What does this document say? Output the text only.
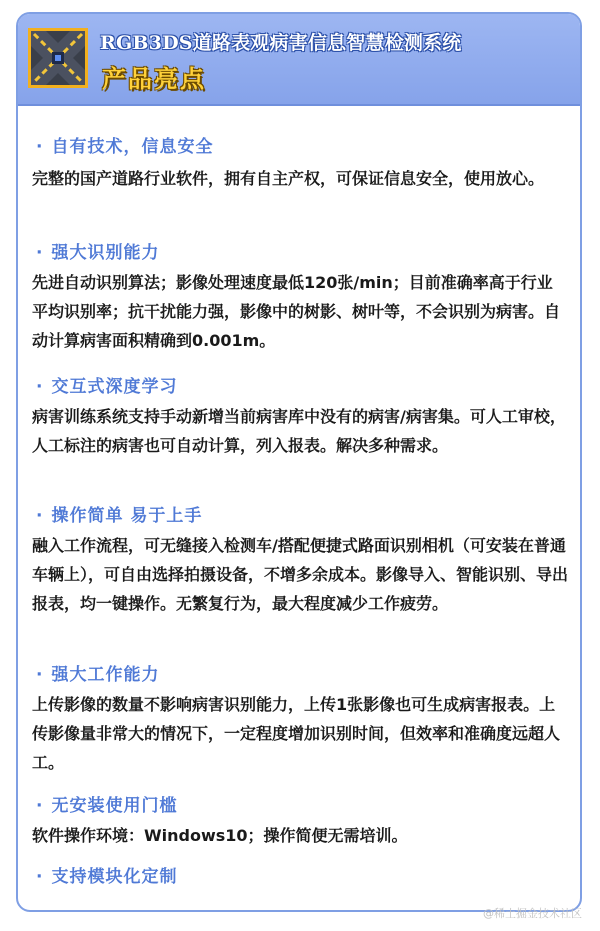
RGB3DS道路表观病害信息智慧检测系统
产品亮点
· 自有技术，信息安全
完整的国产道路行业软件，拥有自主产权，可保证信息安全，使用放心。
· 强大识别能力
先进自动识别算法；影像处理速度最低120张/min；目前准确率高于行业平均识别率；抗干扰能力强，影像中的树影、树叶等，不会识别为病害。自动计算病害面积精确到0.001m。
· 交互式深度学习
病害训练系统支持手动新增当前病害库中没有的病害/病害集。可人工审校，人工标注的病害也可自动计算，列入报表。解决多种需求。
· 操作简单 易于上手
融入工作流程，可无缝接入检测车/搭配便捷式路面识别相机（可安装在普通车辆上），可自由选择拍摄设备，不增多余成本。影像导入、智能识别、导出报表，均一键操作。无繁复行为，最大程度减少工作疲劳。
· 强大工作能力
上传影像的数量不影响病害识别能力，上传1张影像也可生成病害报表。上传影像量非常大的情况下，一定程度增加识别时间，但效率和准确度远超人工。
· 无安装使用门槛
软件操作环境：Windows10；操作简便无需培训。
· 支持模块化定制
@稀土掘金技术社区
